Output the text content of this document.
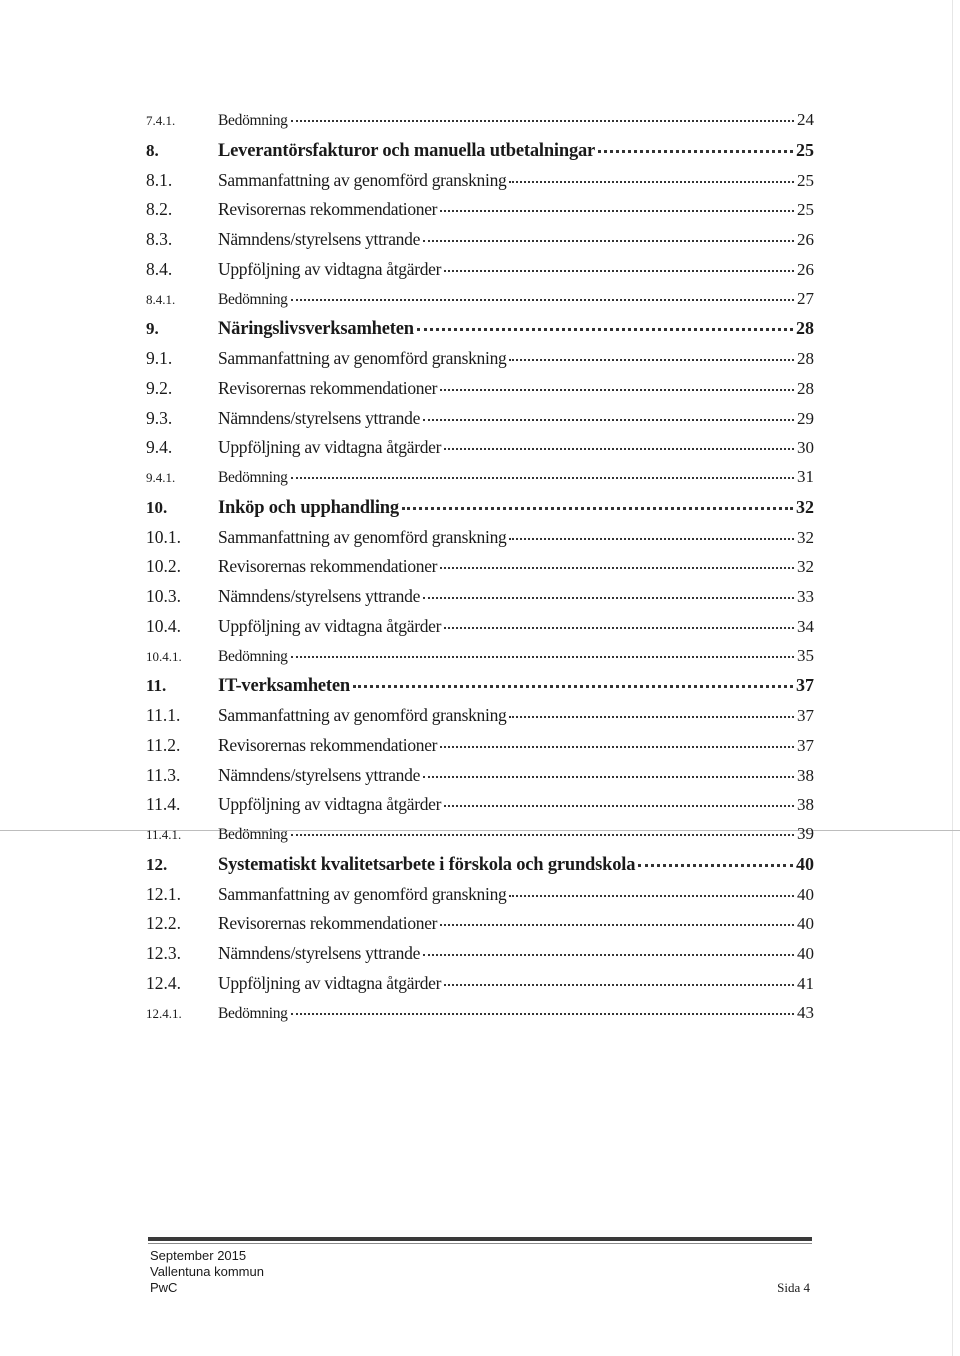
7.4.1.	Bedömning	24
8.	Leverantörsfakturor och manuella utbetalningar	25
8.1.	Sammanfattning av genomförd granskning	25
8.2.	Revisorernas rekommendationer	25
8.3.	Nämndens/styrelsens yttrande	26
8.4.	Uppföljning av vidtagna åtgärder	26
8.4.1.	Bedömning	27
9.	Näringslivsverksamheten	28
9.1.	Sammanfattning av genomförd granskning	28
9.2.	Revisorernas rekommendationer	28
9.3.	Nämndens/styrelsens yttrande	29
9.4.	Uppföljning av vidtagna åtgärder	30
9.4.1.	Bedömning	31
10.	Inköp och upphandling	32
10.1.	Sammanfattning av genomförd granskning	32
10.2.	Revisorernas rekommendationer	32
10.3.	Nämndens/styrelsens yttrande	33
10.4.	Uppföljning av vidtagna åtgärder	34
10.4.1.	Bedömning	35
11.	IT-verksamheten	37
11.1.	Sammanfattning av genomförd granskning	37
11.2.	Revisorernas rekommendationer	37
11.3.	Nämndens/styrelsens yttrande	38
11.4.	Uppföljning av vidtagna åtgärder	38
11.4.1.	Bedömning	39
12.	Systematiskt kvalitetsarbete i förskola och grundskola	40
12.1.	Sammanfattning av genomförd granskning	40
12.2.	Revisorernas rekommendationer	40
12.3.	Nämndens/styrelsens yttrande	40
12.4.	Uppföljning av vidtagna åtgärder	41
12.4.1.	Bedömning	43
September 2015
Vallentuna kommun
PwC	Sida 4
